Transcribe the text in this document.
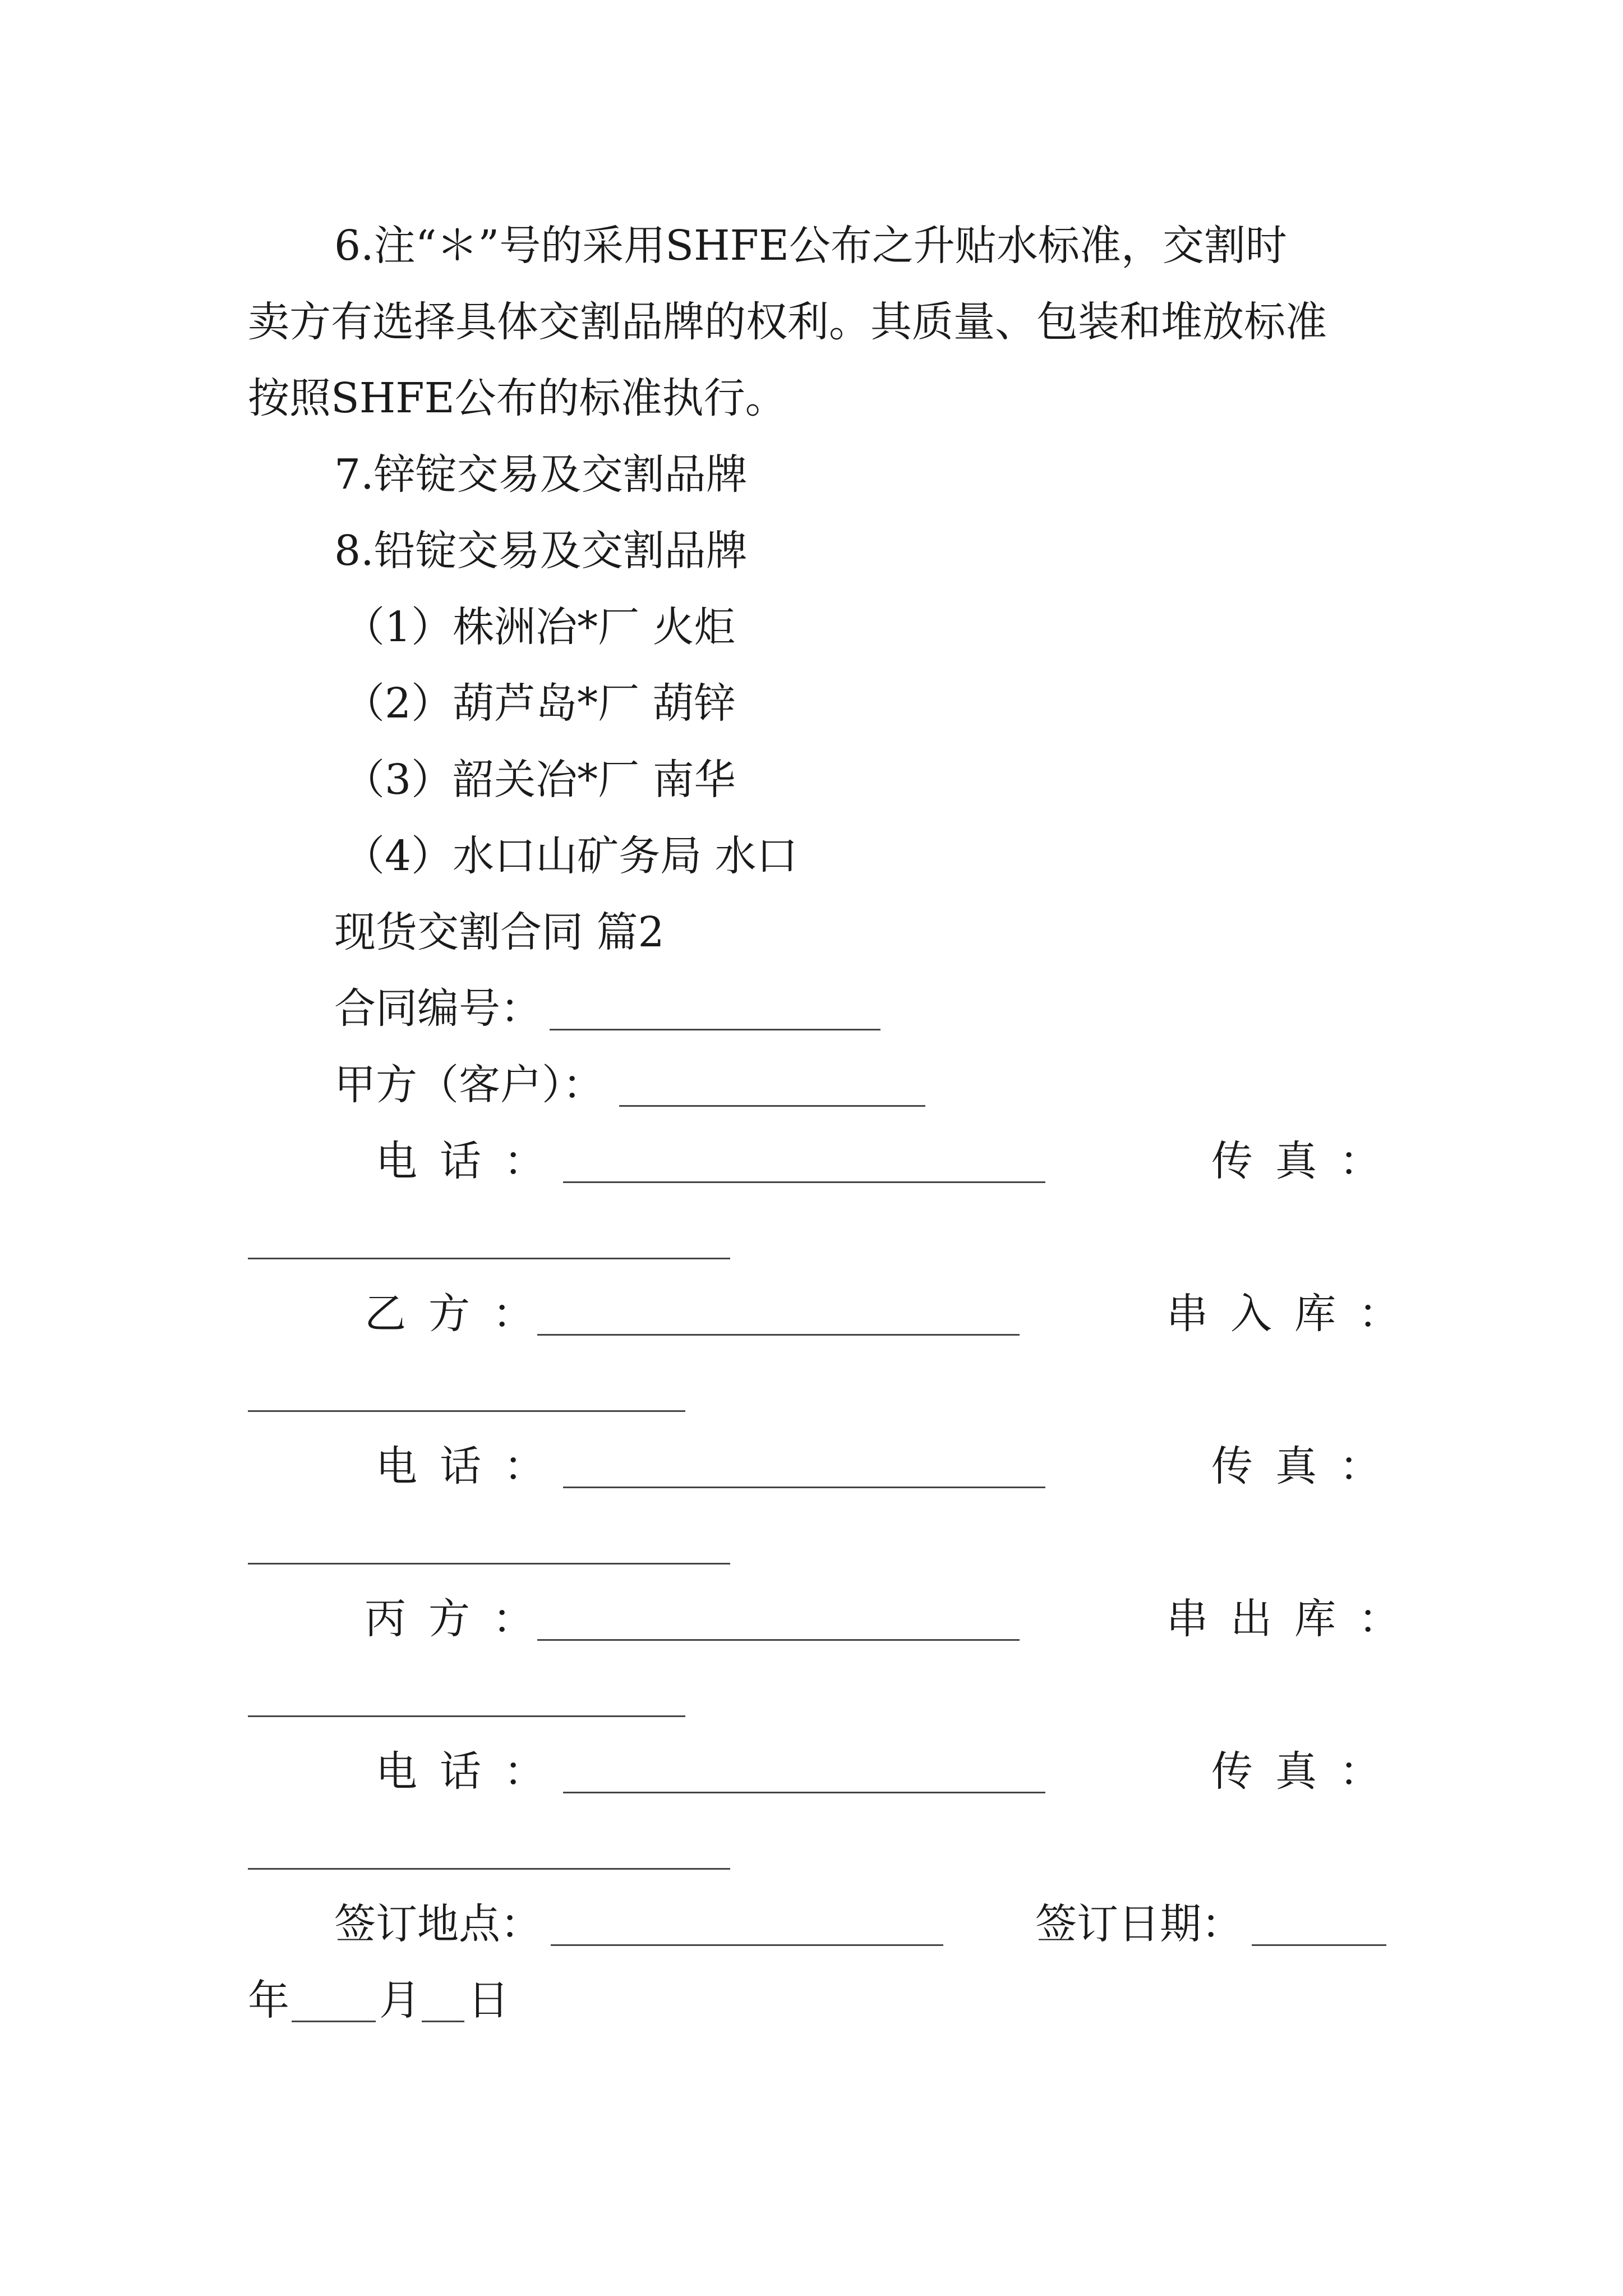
6.注“＊”号的采用SHFE公布之升贴水标准，交割时
卖方有选择具体交割品牌的权利。其质量、包装和堆放标准
按照SHFE公布的标准执行。
7.锌锭交易及交割品牌
8.铅锭交易及交割品牌
（1）株洲冶*厂 火炬
（2）葫芦岛*厂 葫锌
（3）韶关冶*厂 南华
（4）水口山矿务局 水口
现货交割合同 篇2
合同编号：
甲方（客户）：
电话：	传真：
乙方：	串入库：
电话：	传真：
丙方：	串出库：
电话：	传真：
签订地点：	签订日期：
年 月 日
